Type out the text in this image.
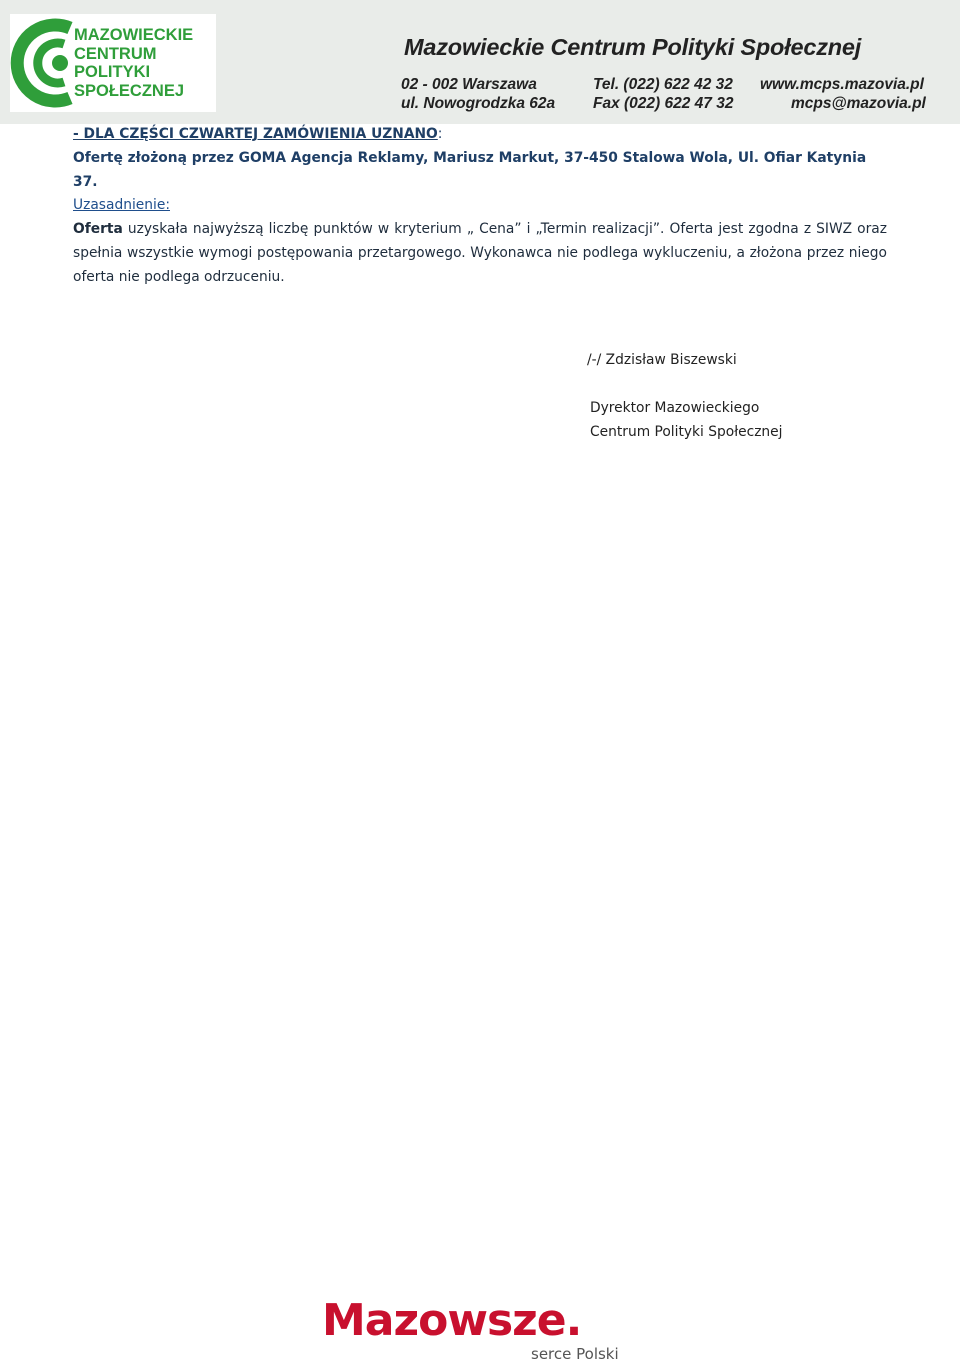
MAZOWIECKIE
CENTRUM
POLITYKI
SPOŁECZNEJ
Mazowieckie Centrum Polityki Społecznej
02 - 002 Warszawa
ul. Nowogrodzka 62a
Tel. (022) 622 42 32
Fax (022) 622 47 32
www.mcps.mazovia.pl
mcps@mazovia.pl

- DLA CZĘŚCI CZWARTEJ ZAMÓWIENIA UZNANO:

Ofertę złożoną przez GOMA Agencja Reklamy, Mariusz Markut, 37-450 Stalowa Wola, Ul. Ofiar Katynia 37.

Uzasadnienie:

Oferta uzyskała najwyższą liczbę punktów w kryterium „ Cena” i „Termin realizacji”. Oferta jest zgodna z SIWZ oraz spełnia wszystkie wymogi postępowania przetargowego. Wykonawca nie podlega wykluczeniu, a złożona przez niego oferta nie podlega odrzuceniu.

/-/ Zdzisław Biszewski
Dyrektor Mazowieckiego
Centrum Polityki Społecznej
Mazowsze.
serce Polski
